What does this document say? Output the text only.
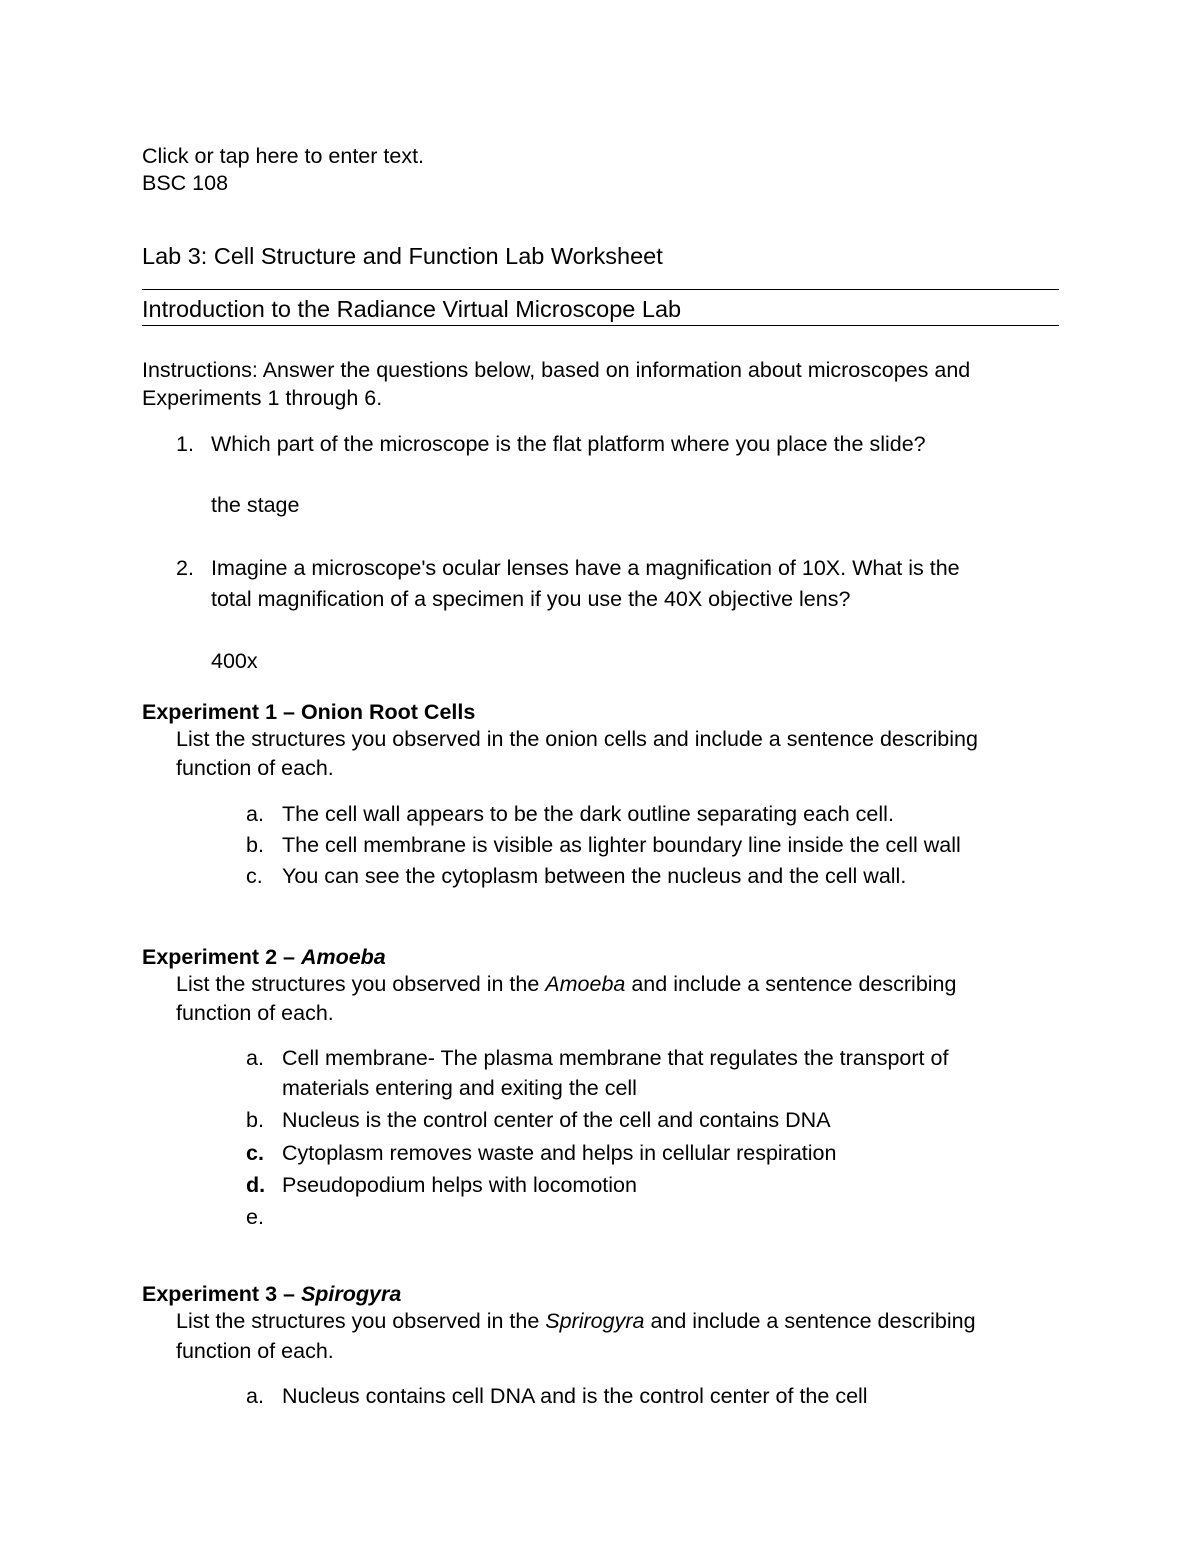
Click or tap here to enter text.
BSC 108
Lab 3: Cell Structure and Function Lab Worksheet
Introduction to the Radiance Virtual Microscope Lab
Instructions: Answer the questions below, based on information about microscopes and
Experiments 1 through 6.
1. Which part of the microscope is the flat platform where you place the slide?
the stage
2. Imagine a microscope's ocular lenses have a magnification of 10X. What is the
total magnification of a specimen if you use the 40X objective lens?
400x
Experiment 1 – Onion Root Cells
List the structures you observed in the onion cells and include a sentence describing
function of each.
a. The cell wall appears to be the dark outline separating each cell.
b. The cell membrane is visible as lighter boundary line inside the cell wall
c. You can see the cytoplasm between the nucleus and the cell wall.
Experiment 2 – Amoeba
List the structures you observed in the Amoeba and include a sentence describing
function of each.
a. Cell membrane- The plasma membrane that regulates the transport of
materials entering and exiting the cell
b. Nucleus is the control center of the cell and contains DNA
c. Cytoplasm removes waste and helps in cellular respiration
d. Pseudopodium helps with locomotion
e.
Experiment 3 – Spirogyra
List the structures you observed in the Sprirogyra and include a sentence describing
function of each.
a. Nucleus contains cell DNA and is the control center of the cell
